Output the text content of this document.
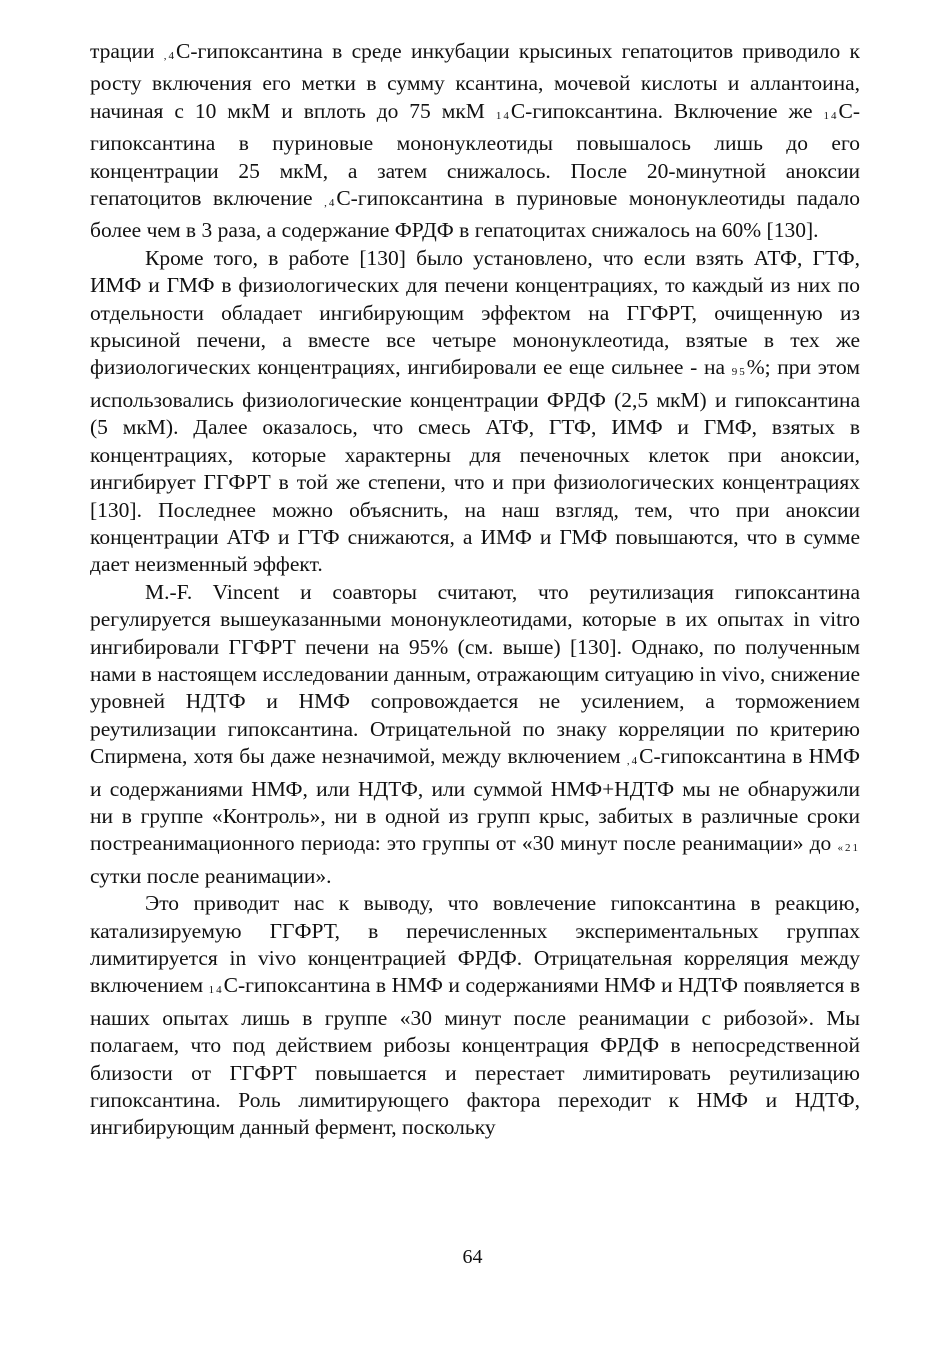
трации ,4С-гипоксантина в среде инкубации крысиных гепатоцитов приводило к росту включения его метки в сумму ксантина, мочевой кислоты и аллантоина, начиная с 10 мкМ и вплоть до 75 мкМ 14С-гипоксантина. Включение же 14С-гипоксантина в пуриновые мононуклеотиды повышалось лишь до его концентрации 25 мкМ, а затем снижалось. После 20-минутной аноксии гепатоцитов включение ,4С-гипоксантина в пуриновые мононуклеотиды падало более чем в 3 раза, а содержание ФРДФ в гепатоцитах снижалось на 60% [130].

Кроме того, в работе [130] было установлено, что если взять АТФ, ГТФ, ИМФ и ГМФ в физиологических для печени концентрациях, то каждый из них по отдельности обладает ингибирующим эффектом на ГГФРТ, очищенную из крысиной печени, а вместе все четыре мононуклеотида, взятые в тех же физиологических концентрациях, ингибировали ее еще сильнее - на 95%; при этом использовались физиологические концентрации ФРДФ (2,5 мкМ) и гипоксантина (5 мкМ). Далее оказалось, что смесь АТФ, ГТФ, ИМФ и ГМФ, взятых в концентрациях, которые характерны для печеночных клеток при аноксии, ингибирует ГГФРТ в той же степени, что и при физиологических концентрациях [130]. Последнее можно объяснить, на наш взгляд, тем, что при аноксии концентрации АТФ и ГТФ снижаются, а ИМФ и ГМФ повышаются, что в сумме дает неизменный эффект.

M.-F. Vincent и соавторы считают, что реутилизация гипоксантина регулируется вышеуказанными мононуклеотидами, которые в их опытах in vitro ингибировали ГГФРТ печени на 95% (см. выше) [130]. Однако, по полученным нами в настоящем исследовании данным, отражающим ситуацию in vivo, снижение уровней НДТФ и НМФ сопровождается не усилением, а торможением реутилизации гипоксантина. Отрицательной по знаку корреляции по критерию Спирмена, хотя бы даже незначимой, между включением ,4С-гипоксантина в НМФ и содержаниями НМФ, или НДТФ, или суммой НМФ+НДТФ мы не обнаружили ни в группе «Контроль», ни в одной из групп крыс, забитых в различные сроки постреанимационного периода: это группы от «30 минут после реанимации» до «21 сутки после реанимации».

Это приводит нас к выводу, что вовлечение гипоксантина в реакцию, катализируемую ГГФРТ, в перечисленных экспериментальных группах лимитируется in vivo концентрацией ФРДФ. Отрицательная корреляция между включением 14С-гипоксантина в НМФ и содержаниями НМФ и НДТФ появляется в наших опытах лишь в группе «30 минут после реанимации с рибозой». Мы полагаем, что под действием рибозы концентрация ФРДФ в непосредственной близости от ГГФРТ повышается и перестает лимитировать реутилизацию гипоксантина. Роль лимитирующего фактора переходит к НМФ и НДТФ, ингибирующим данный фермент, поскольку

64
